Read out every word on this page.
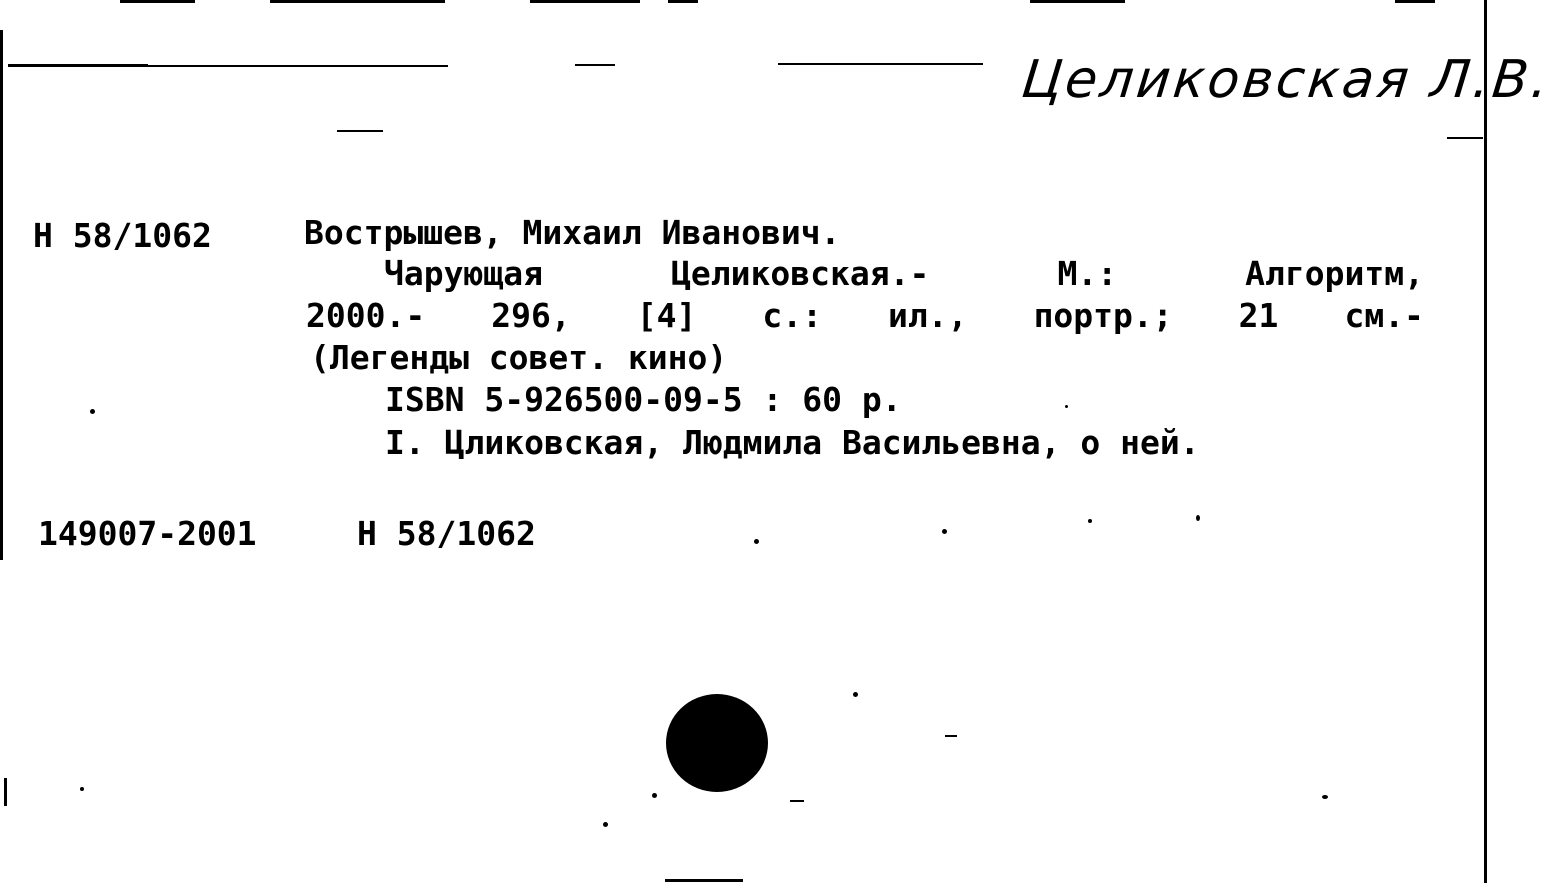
Целиковская Л.В.
Н 58/1062	Вострышев, Михаил Иванович.
Чарующая	Целиковская.-	М.:	Алгоритм,
2000.- 296, [4] с.: ил., портр.; 21 см.-
(Легенды совет. кино)
ISBN 5-926500-09-5 : 60 р.
I. Цликовская, Людмила Васильевна, о ней.
149007-2001	Н 58/1062
